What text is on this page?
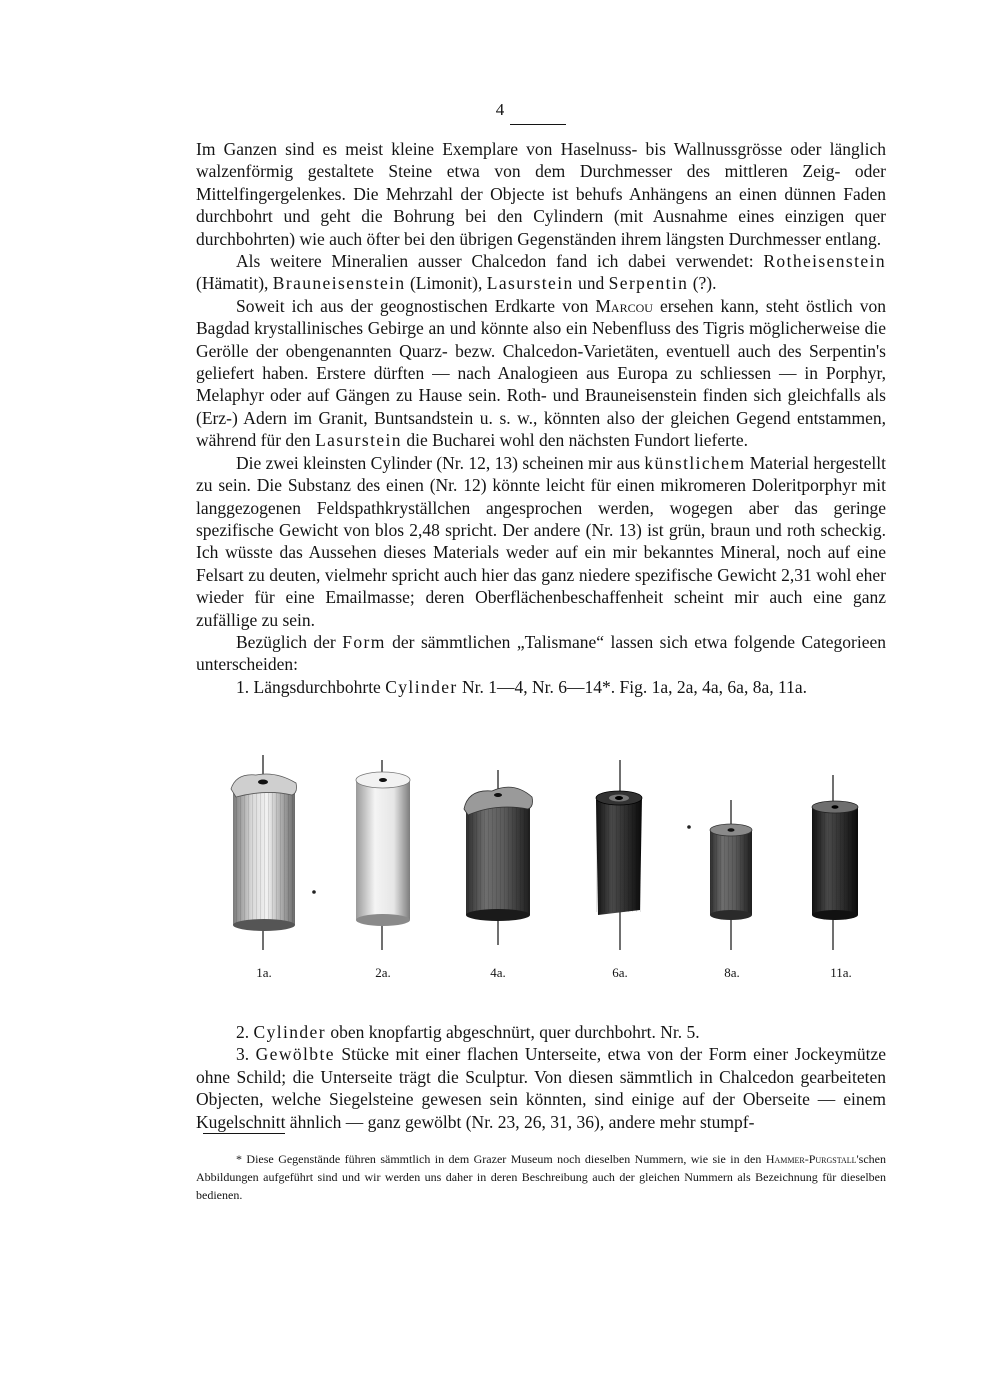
4

Im Ganzen sind es meist kleine Exemplare von Haselnuss- bis Wallnussgrösse oder länglich walzenförmig gestaltete Steine etwa von dem Durchmesser des mittleren Zeig- oder Mittelfingergelenkes. Die Mehrzahl der Objecte ist behufs Anhängens an einen dünnen Faden durchbohrt und geht die Bohrung bei den Cylindern (mit Ausnahme eines einzigen quer durchbohrten) wie auch öfter bei den übrigen Gegenständen ihrem längsten Durchmesser entlang.

Als weitere Mineralien ausser Chalcedon fand ich dabei verwendet: Rotheisenstein (Hämatit), Brauneisenstein (Limonit), Lasurstein und Serpentin (?).

Soweit ich aus der geognostischen Erdkarte von Marcou ersehen kann, steht östlich von Bagdad krystallinisches Gebirge an und könnte also ein Nebenfluss des Tigris möglicherweise die Gerölle der obengenannten Quarz- bezw. Chalcedon-Varietäten, eventuell auch des Serpentin's geliefert haben. Erstere dürften — nach Analogieen aus Europa zu schliessen — in Porphyr, Melaphyr oder auf Gängen zu Hause sein. Roth- und Brauneisenstein finden sich gleichfalls als (Erz-) Adern im Granit, Buntsandstein u. s. w., könnten also der gleichen Gegend entstammen, während für den Lasurstein die Bucharei wohl den nächsten Fundort lieferte.

Die zwei kleinsten Cylinder (Nr. 12, 13) scheinen mir aus künstlichem Material hergestellt zu sein. Die Substanz des einen (Nr. 12) könnte leicht für einen mikromeren Doleritporphyr mit langgezogenen Feldspathkryställchen angesprochen werden, wogegen aber das geringe spezifische Gewicht von blos 2,48 spricht. Der andere (Nr. 13) ist grün, braun und roth scheckig. Ich wüsste das Aussehen dieses Materials weder auf ein mir bekanntes Mineral, noch auf eine Felsart zu deuten, vielmehr spricht auch hier das ganz niedere spezifische Gewicht 2,31 wohl eher wieder für eine Emailmasse; deren Oberflächenbeschaffenheit scheint mir auch eine ganz zufällige zu sein.

Bezüglich der Form der sämmtlichen „Talismane“ lassen sich etwa folgende Categorieen unterscheiden:

1. Längsdurchbohrte Cylinder Nr. 1—4, Nr. 6—14*. Fig. 1a, 2a, 4a, 6a, 8a, 11a.

1a.	2a.	4a.	6a.	8a.	11a.

2. Cylinder oben knopfartig abgeschnürt, quer durchbohrt. Nr. 5.

3. Gewölbte Stücke mit einer flachen Unterseite, etwa von der Form einer Jockeymütze ohne Schild; die Unterseite trägt die Sculptur. Von diesen sämmtlich in Chalcedon gearbeiteten Objecten, welche Siegelsteine gewesen sein könnten, sind einige auf der Oberseite — einem Kugelschnitt ähnlich — ganz gewölbt (Nr. 23, 26, 31, 36), andere mehr stumpf-

* Diese Gegenstände führen sämmtlich in dem Grazer Museum noch dieselben Nummern, wie sie in den Hammer-Purgstall'schen Abbildungen aufgeführt sind und wir werden uns daher in deren Beschreibung auch der gleichen Nummern als Bezeichnung für dieselben bedienen.
